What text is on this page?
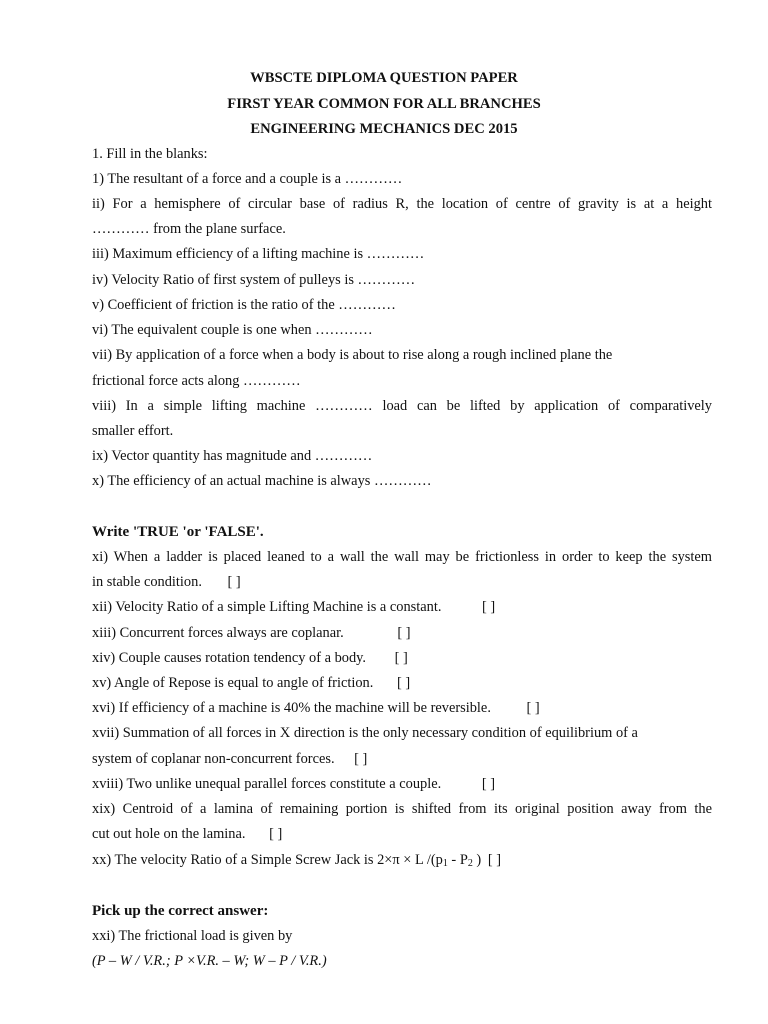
WBSCTE DIPLOMA QUESTION PAPER
FIRST YEAR COMMON FOR ALL BRANCHES
ENGINEERING MECHANICS DEC 2015
1. Fill in the blanks:
1) The resultant of a force and a couple is a …………
ii) For a hemisphere of circular base of radius R, the location of centre of gravity is at a height
………… from the plane surface.
iii) Maximum efficiency of a lifting machine is …………
iv) Velocity Ratio of first system of pulleys is …………
v) Coefficient of friction is the ratio of the …………
vi) The equivalent couple is one when …………
vii) By application of a force when a body is about to rise along a rough inclined plane the
frictional force acts along …………
viii) In a simple lifting machine ………… load can be lifted by application of comparatively
smaller effort.
ix) Vector quantity has magnitude and …………
x) The efficiency of an actual machine is always …………
Write 'TRUE 'or 'FALSE'.
xi) When a ladder is placed leaned to a wall the wall may be frictionless in order to keep the system
in stable condition. [ ]
xii) Velocity Ratio of a simple Lifting Machine is a constant.	[ ]
xiii) Concurrent forces always are coplanar.	[ ]
xiv) Couple causes rotation tendency of a body. [ ]
xv) Angle of Repose is equal to angle of friction. [ ]
xvi) If efficiency of a machine is 40% the machine will be reversible. [ ]
xvii) Summation of all forces in X direction is the only necessary condition of equilibrium of a
system of coplanar non-concurrent forces. [ ]
xviii) Two unlike unequal parallel forces constitute a couple.	[ ]
xix) Centroid of a lamina of remaining portion is shifted from its original position away from the
cut out hole on the lamina. [ ]
xx) The velocity Ratio of a Simple Screw Jack is 2×π × L $/(p_1 - P_2$ ) [ ]
Pick up the correct answer:
xxi) The frictional load is given by
(P – W / V.R.; P ×V.R. – W; W – P / V.R.)
